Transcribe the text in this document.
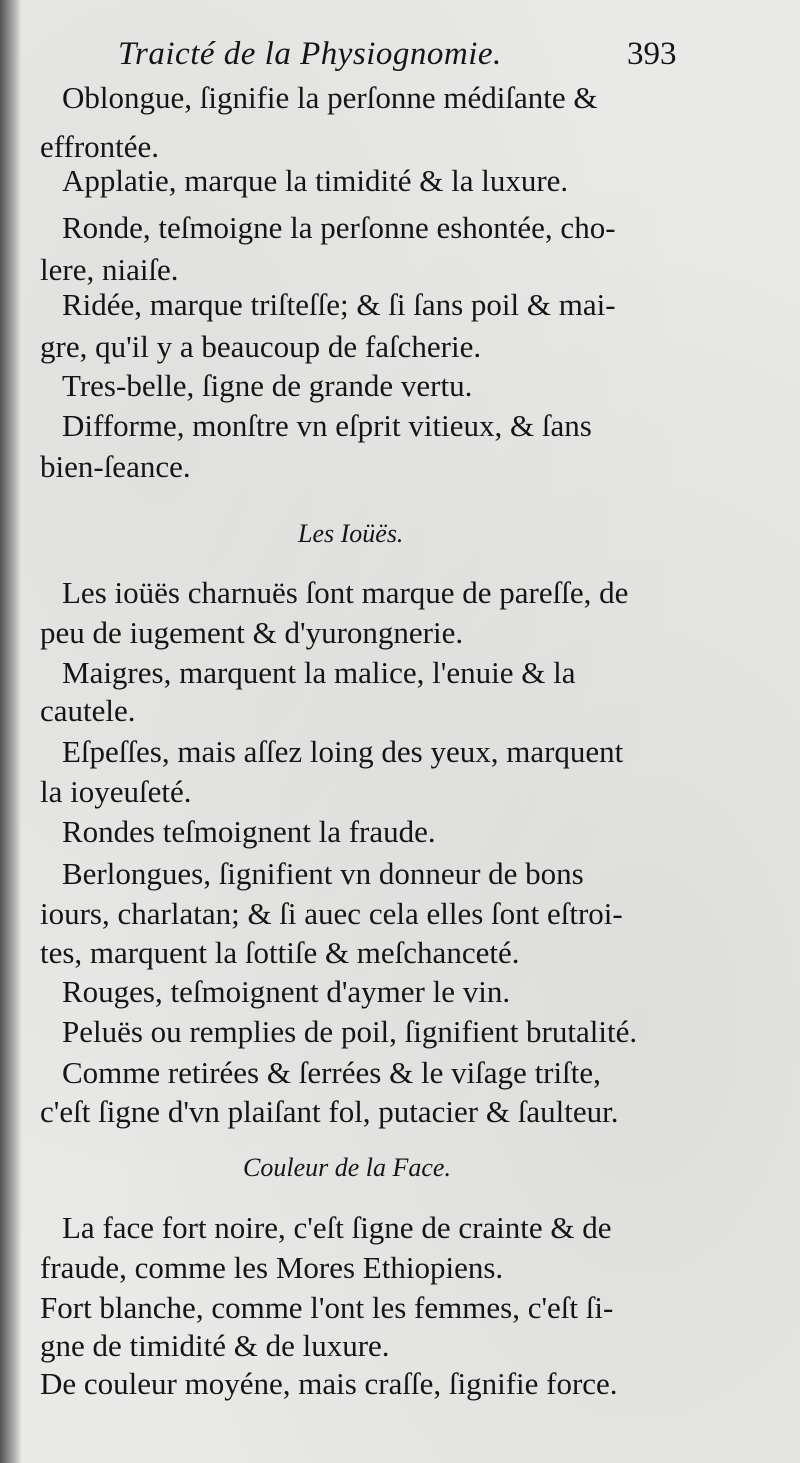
Traicté de la Physiognomie.	393
Oblongue, ſignifie la perſonne médiſante &
effrontée.
Applatie, marque la timidité & la luxure.
Ronde, teſmoigne la perſonne eshontée, cho-
lere, niaiſe.
Ridée, marque triſteſſe; & ſi ſans poil & mai-
gre, qu'il y a beaucoup de faſcherie.
Tres-belle, ſigne de grande vertu.
Difforme, monſtre vn eſprit vitieux, & ſans
bien-ſeance.
Les Ioüës.
Les ioüës charnuës ſont marque de pareſſe, de
peu de iugement & d'yurongnerie.
Maigres, marquent la malice, l'enuie & la
cautele.
Eſpeſſes, mais aſſez loing des yeux, marquent
la ioyeuſeté.
Rondes teſmoignent la fraude.
Berlongues, ſignifient vn donneur de bons
iours, charlatan; & ſi auec cela elles ſont eſtroi-
tes, marquent la ſottiſe & meſchanceté.
Rouges, teſmoignent d'aymer le vin.
Peluës ou remplies de poil, ſignifient brutalité.
Comme retirées & ſerrées & le viſage triſte,
c'eſt ſigne d'vn plaiſant fol, putacier & ſaulteur.
Couleur de la Face.
La face fort noire, c'eſt ſigne de crainte & de
fraude, comme les Mores Ethiopiens.
Fort blanche, comme l'ont les femmes, c'eſt ſi-
gne de timidité & de luxure.
De couleur moyéne, mais craſſe, ſignifie force.
